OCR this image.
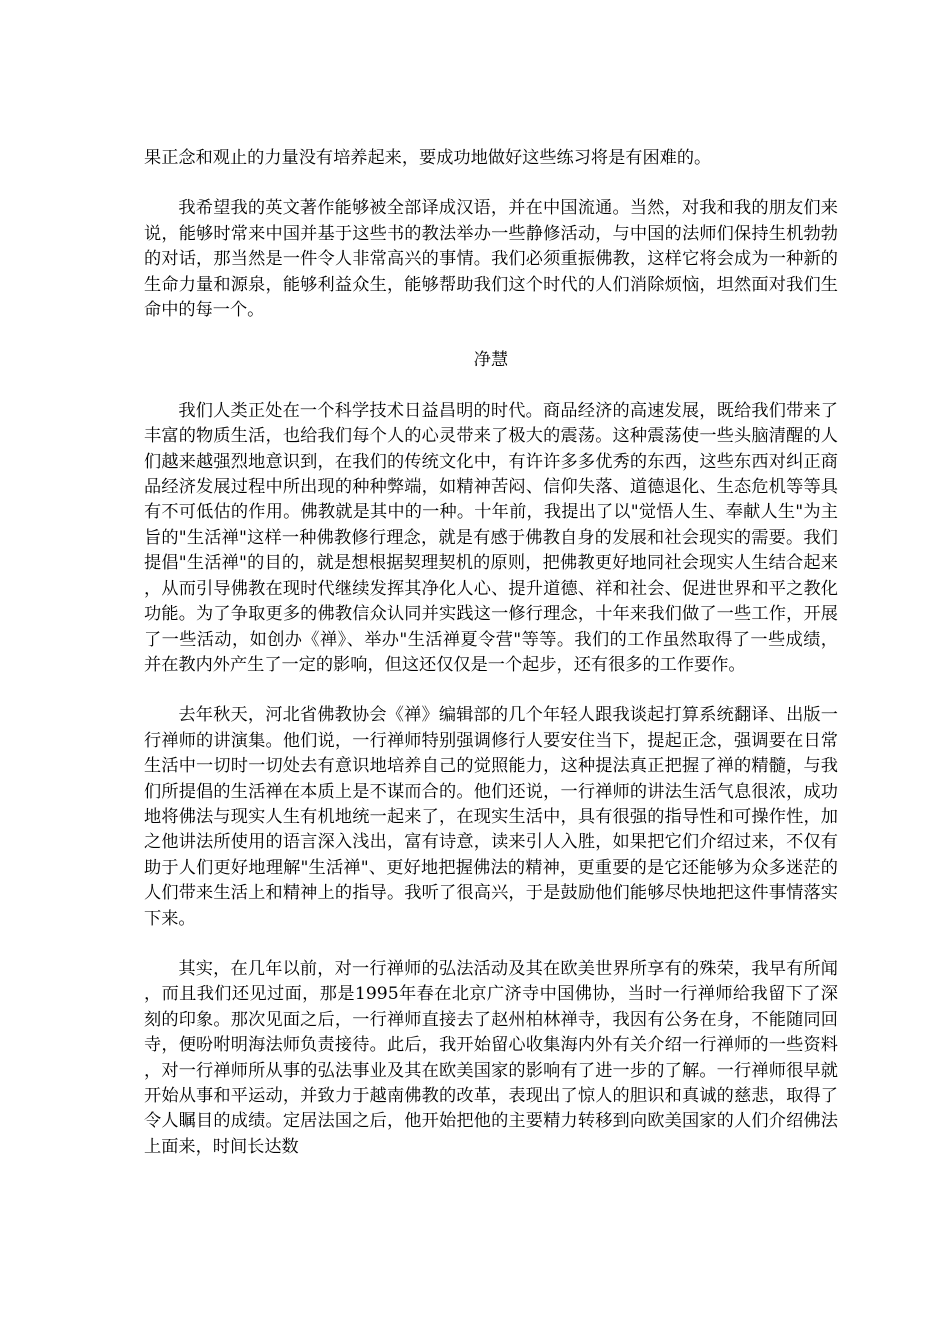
果正念和观止的力量没有培养起来，要成功地做好这些练习将是有困难的。

我希望我的英文著作能够被全部译成汉语，并在中国流通。当然，对我和我的朋友们来说，能够时常来中国并基于这些书的教法举办一些静修活动，与中国的法师们保持生机勃勃的对话，那当然是一件令人非常高兴的事情。我们必须重振佛教，这样它将会成为一种新的生命力量和源泉，能够利益众生，能够帮助我们这个时代的人们消除烦恼，坦然面对我们生命中的每一个。

净慧

我们人类正处在一个科学技术日益昌明的时代。商品经济的高速发展，既给我们带来了丰富的物质生活，也给我们每个人的心灵带来了极大的震荡。这种震荡使一些头脑清醒的人们越来越强烈地意识到，在我们的传统文化中，有许许多多优秀的东西，这些东西对纠正商品经济发展过程中所出现的种种弊端，如精神苦闷、信仰失落、道德退化、生态危机等等具有不可低估的作用。佛教就是其中的一种。十年前，我提出了以"觉悟人生、奉献人生"为主旨的"生活禅"这样一种佛教修行理念，就是有感于佛教自身的发展和社会现实的需要。我们提倡"生活禅"的目的，就是想根据契理契机的原则，把佛教更好地同社会现实人生结合起来，从而引导佛教在现时代继续发挥其净化人心、提升道德、祥和社会、促进世界和平之教化功能。为了争取更多的佛教信众认同并实践这一修行理念，十年来我们做了一些工作，开展了一些活动，如创办《禅》、举办"生活禅夏令营"等等。我们的工作虽然取得了一些成绩，并在教内外产生了一定的影响，但这还仅仅是一个起步，还有很多的工作要作。

去年秋天，河北省佛教协会《禅》编辑部的几个年轻人跟我谈起打算系统翻译、出版一行禅师的讲演集。他们说，一行禅师特别强调修行人要安住当下，提起正念，强调要在日常生活中一切时一切处去有意识地培养自己的觉照能力，这种提法真正把握了禅的精髓，与我们所提倡的生活禅在本质上是不谋而合的。他们还说，一行禅师的讲法生活气息很浓，成功地将佛法与现实人生有机地统一起来了，在现实生活中，具有很强的指导性和可操作性，加之他讲法所使用的语言深入浅出，富有诗意，读来引人入胜，如果把它们介绍过来，不仅有助于人们更好地理解"生活禅"、更好地把握佛法的精神，更重要的是它还能够为众多迷茫的人们带来生活上和精神上的指导。我听了很高兴，于是鼓励他们能够尽快地把这件事情落实下来。

其实，在几年以前，对一行禅师的弘法活动及其在欧美世界所享有的殊荣，我早有所闻，而且我们还见过面，那是1995年春在北京广济寺中国佛协，当时一行禅师给我留下了深刻的印象。那次见面之后，一行禅师直接去了赵州柏林禅寺，我因有公务在身，不能随同回寺，便吩咐明海法师负责接待。此后，我开始留心收集海内外有关介绍一行禅师的一些资料，对一行禅师所从事的弘法事业及其在欧美国家的影响有了进一步的了解。一行禅师很早就开始从事和平运动，并致力于越南佛教的改革，表现出了惊人的胆识和真诚的慈悲，取得了令人瞩目的成绩。定居法国之后，他开始把他的主要精力转移到向欧美国家的人们介绍佛法上面来，时间长达数
